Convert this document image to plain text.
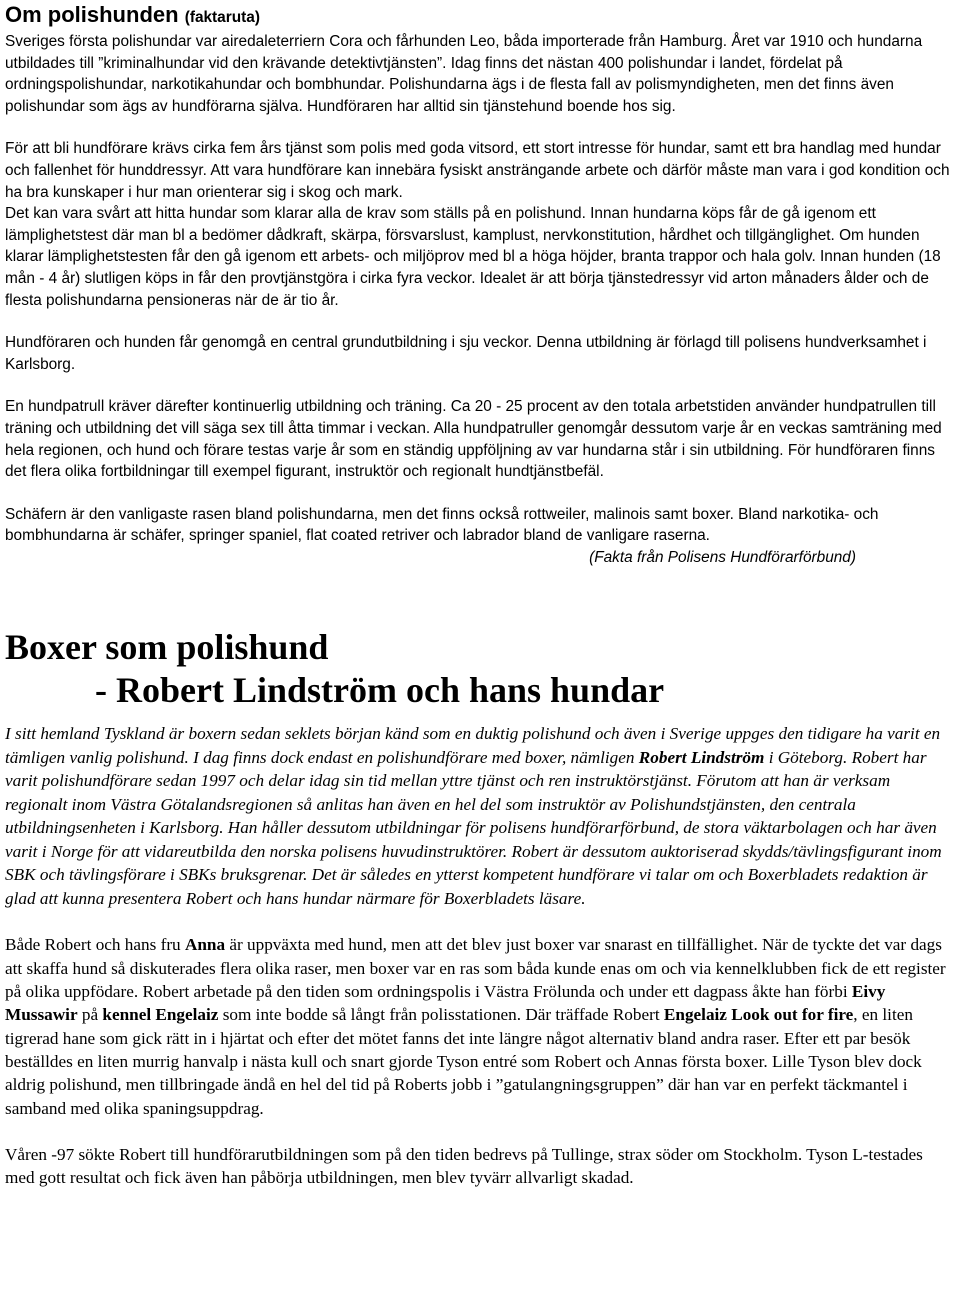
Om polishunden (faktaruta)

Sveriges första polishundar var airedaleterriern Cora och fårhunden Leo, båda importerade från Hamburg. Året var 1910 och hundarna utbildades till ”kriminalhundar vid den krävande detektivtjänsten”. Idag finns det nästan 400 polishundar i landet, fördelat på ordningspolishundar, narkotikahundar och bombhundar. Polishundarna ägs i de flesta fall av polismyndigheten, men det finns även polishundar som ägs av hundförarna själva. Hundföraren har alltid sin tjänstehund boende hos sig.

För att bli hundförare krävs cirka fem års tjänst som polis med goda vitsord, ett stort intresse för hundar, samt ett bra handlag med hundar och fallenhet för hunddressyr. Att vara hundförare kan innebära fysiskt ansträngande arbete och därför måste man vara i god kondition och ha bra kunskaper i hur man orienterar sig i skog och mark.

Det kan vara svårt att hitta hundar som klarar alla de krav som ställs på en polishund. Innan hundarna köps får de gå igenom ett lämplighetstest där man bl a bedömer dådkraft, skärpa, försvarslust, kamplust, nervkonstitution, hårdhet och tillgänglighet. Om hunden klarar lämplighetstesten får den gå igenom ett arbets- och miljöprov med bl a höga höjder, branta trappor och hala golv. Innan hunden (18 mån - 4 år) slutligen köps in får den provtjänstgöra i cirka fyra veckor. Idealet är att börja tjänstedressyr vid arton månaders ålder och de flesta polishundarna pensioneras när de är tio år.

Hundföraren och hunden får genomgå en central grundutbildning i sju veckor. Denna utbildning är förlagd till polisens hundverksamhet i Karlsborg.

En hundpatrull kräver därefter kontinuerlig utbildning och träning. Ca 20 - 25 procent av den totala arbetstiden använder hundpatrullen till träning och utbildning det vill säga sex till åtta timmar i veckan. Alla hundpatruller genomgår dessutom varje år en veckas samträning med hela regionen, och hund och förare testas varje år som en ständig uppföljning av var hundarna står i sin utbildning. För hundföraren finns det flera olika fortbildningar till exempel figurant, instruktör och regionalt hundtjänstbefäl.

Schäfern är den vanligaste rasen bland polishundarna, men det finns också rottweiler, malinois samt boxer. Bland narkotika- och bombhundarna är schäfer, springer spaniel, flat coated retriver och labrador bland de vanligare raserna.

(Fakta från Polisens Hundförarförbund)

Boxer som polishund
- Robert Lindström och hans hundar

I sitt hemland Tyskland är boxern sedan seklets början känd som en duktig polishund och även i Sverige uppges den tidigare ha varit en tämligen vanlig polishund. I dag finns dock endast en polishundförare med boxer, nämligen Robert Lindström i Göteborg. Robert har varit polishundförare sedan 1997 och delar idag sin tid mellan yttre tjänst och ren instruktörstjänst. Förutom att han är verksam regionalt inom Västra Götalandsregionen så anlitas han även en hel del som instruktör av Polishundstjänsten, den centrala utbildningsenheten i Karlsborg. Han håller dessutom utbildningar för polisens hundförarförbund, de stora väktarbolagen och har även varit i Norge för att vidareutbilda den norska polisens huvudinstruktörer. Robert är dessutom auktoriserad skydds/tävlingsfigurant inom SBK och tävlingsförare i SBKs bruksgrenar. Det är således en ytterst kompetent hundförare vi talar om och Boxerbladets redaktion är glad att kunna presentera Robert och hans hundar närmare för Boxerbladets läsare.

Både Robert och hans fru Anna är uppväxta med hund, men att det blev just boxer var snarast en tillfällighet. När de tyckte det var dags att skaffa hund så diskuterades flera olika raser, men boxer var en ras som båda kunde enas om och via kennelklubben fick de ett register på olika uppfödare. Robert arbetade på den tiden som ordningspolis i Västra Frölunda och under ett dagpass åkte han förbi Eivy Mussawir på kennel Engelaiz som inte bodde så långt från polisstationen. Där träffade Robert Engelaiz Look out for fire, en liten tigrerad hane som gick rätt in i hjärtat och efter det mötet fanns det inte längre något alternativ bland andra raser. Efter ett par besök beställdes en liten murrig hanvalp i nästa kull och snart gjorde Tyson entré som Robert och Annas första boxer. Lille Tyson blev dock aldrig polishund, men tillbringade ändå en hel del tid på Roberts jobb i ”gatulangningsgruppen” där han var en perfekt täckmantel i samband med olika spaningsuppdrag.

Våren -97 sökte Robert till hundförarutbildningen som på den tiden bedrevs på Tullinge, strax söder om Stockholm. Tyson L-testades med gott resultat och fick även han påbörja utbildningen, men blev tyvärr allvarligt skadad.
